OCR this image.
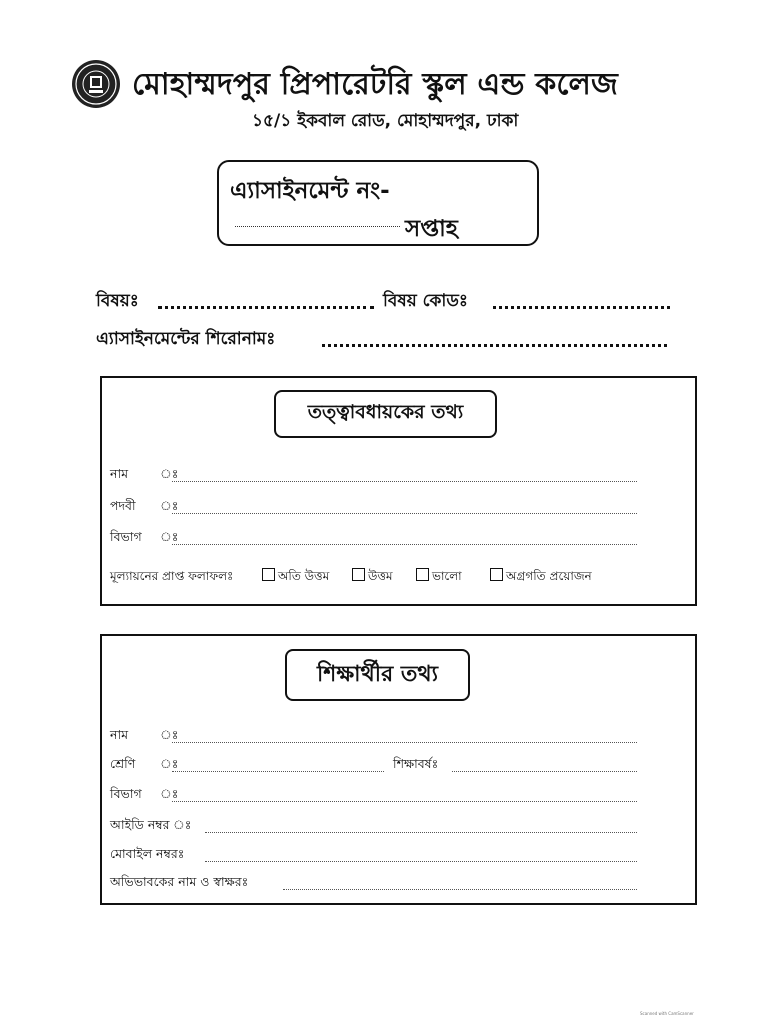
মোহাম্মদপুর প্রিপারেটরি স্কুল এন্ড কলেজ
১৫/১ ইকবাল রোড, মোহাম্মদপুর, ঢাকা
এ্যাসাইনমেন্ট নং-
সপ্তাহ
বিষয়ঃ	বিষয় কোডঃ
এ্যাসাইনমেন্টের শিরোনামঃ
তত্ত্বাবধায়কের তথ্য
নাম	ঃ
পদবী ঃ
বিভাগ ঃ
মূল্যায়নের প্রাপ্ত ফলাফলঃ	অতি উত্তম	উত্তম	ভালো	অগ্রগতি প্রয়োজন
শিক্ষার্থীর তথ্য
নাম	ঃ
শ্রেণি ঃ	শিক্ষাবর্ষঃ
বিভাগ ঃ
আইডি নম্বর ঃ
মোবাইল নম্বরঃ
অভিভাবকের নাম ও স্বাক্ষরঃ
Scanned with CamScanner
